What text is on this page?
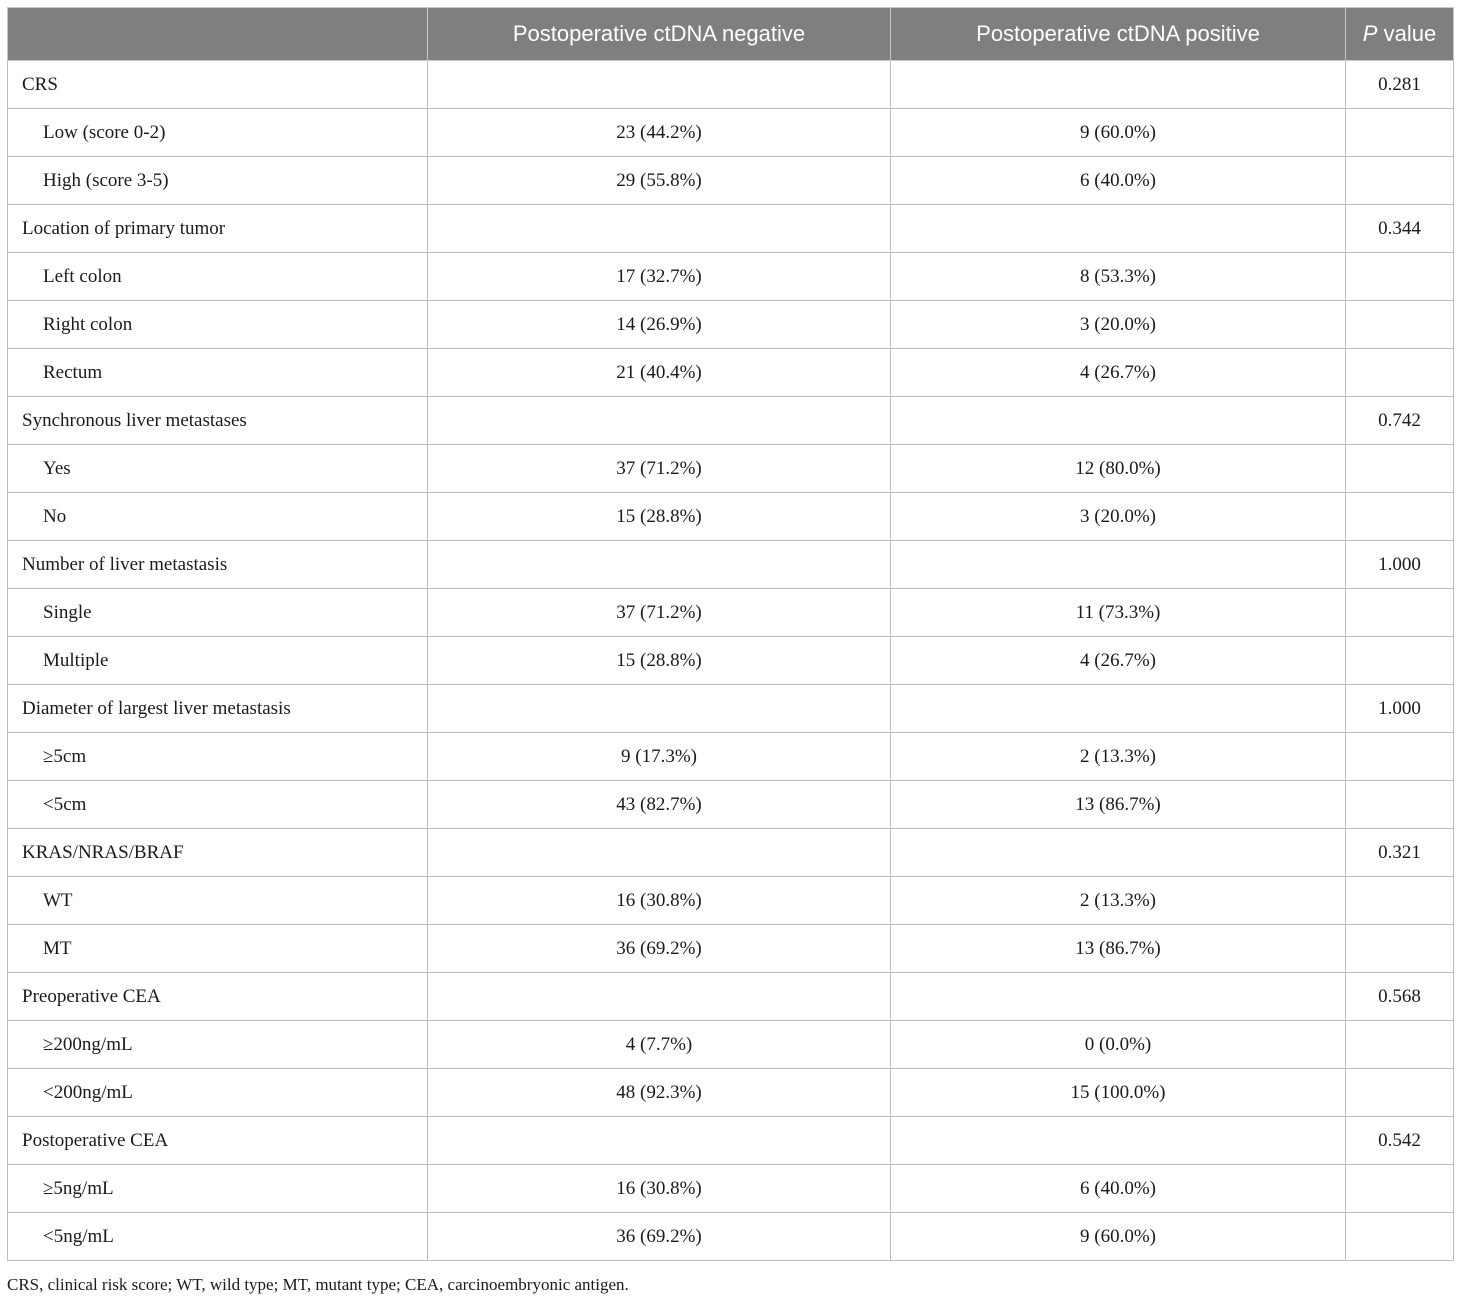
	Postoperative ctDNA negative	Postoperative ctDNA positive	P value
CRS			0.281
Low (score 0-2)	23 (44.2%)	9 (60.0%)	
High (score 3-5)	29 (55.8%)	6 (40.0%)	
Location of primary tumor			0.344
Left colon	17 (32.7%)	8 (53.3%)	
Right colon	14 (26.9%)	3 (20.0%)	
Rectum	21 (40.4%)	4 (26.7%)	
Synchronous liver metastases			0.742
Yes	37 (71.2%)	12 (80.0%)	
No	15 (28.8%)	3 (20.0%)	
Number of liver metastasis			1.000
Single	37 (71.2%)	11 (73.3%)	
Multiple	15 (28.8%)	4 (26.7%)	
Diameter of largest liver metastasis			1.000
≥5cm	9 (17.3%)	2 (13.3%)	
<5cm	43 (82.7%)	13 (86.7%)	
KRAS/NRAS/BRAF			0.321
WT	16 (30.8%)	2 (13.3%)	
MT	36 (69.2%)	13 (86.7%)	
Preoperative CEA			0.568
≥200ng/mL	4 (7.7%)	0 (0.0%)	
<200ng/mL	48 (92.3%)	15 (100.0%)	
Postoperative CEA			0.542
≥5ng/mL	16 (30.8%)	6 (40.0%)	
<5ng/mL	36 (69.2%)	9 (60.0%)	
CRS, clinical risk score; WT, wild type; MT, mutant type; CEA, carcinoembryonic antigen.
